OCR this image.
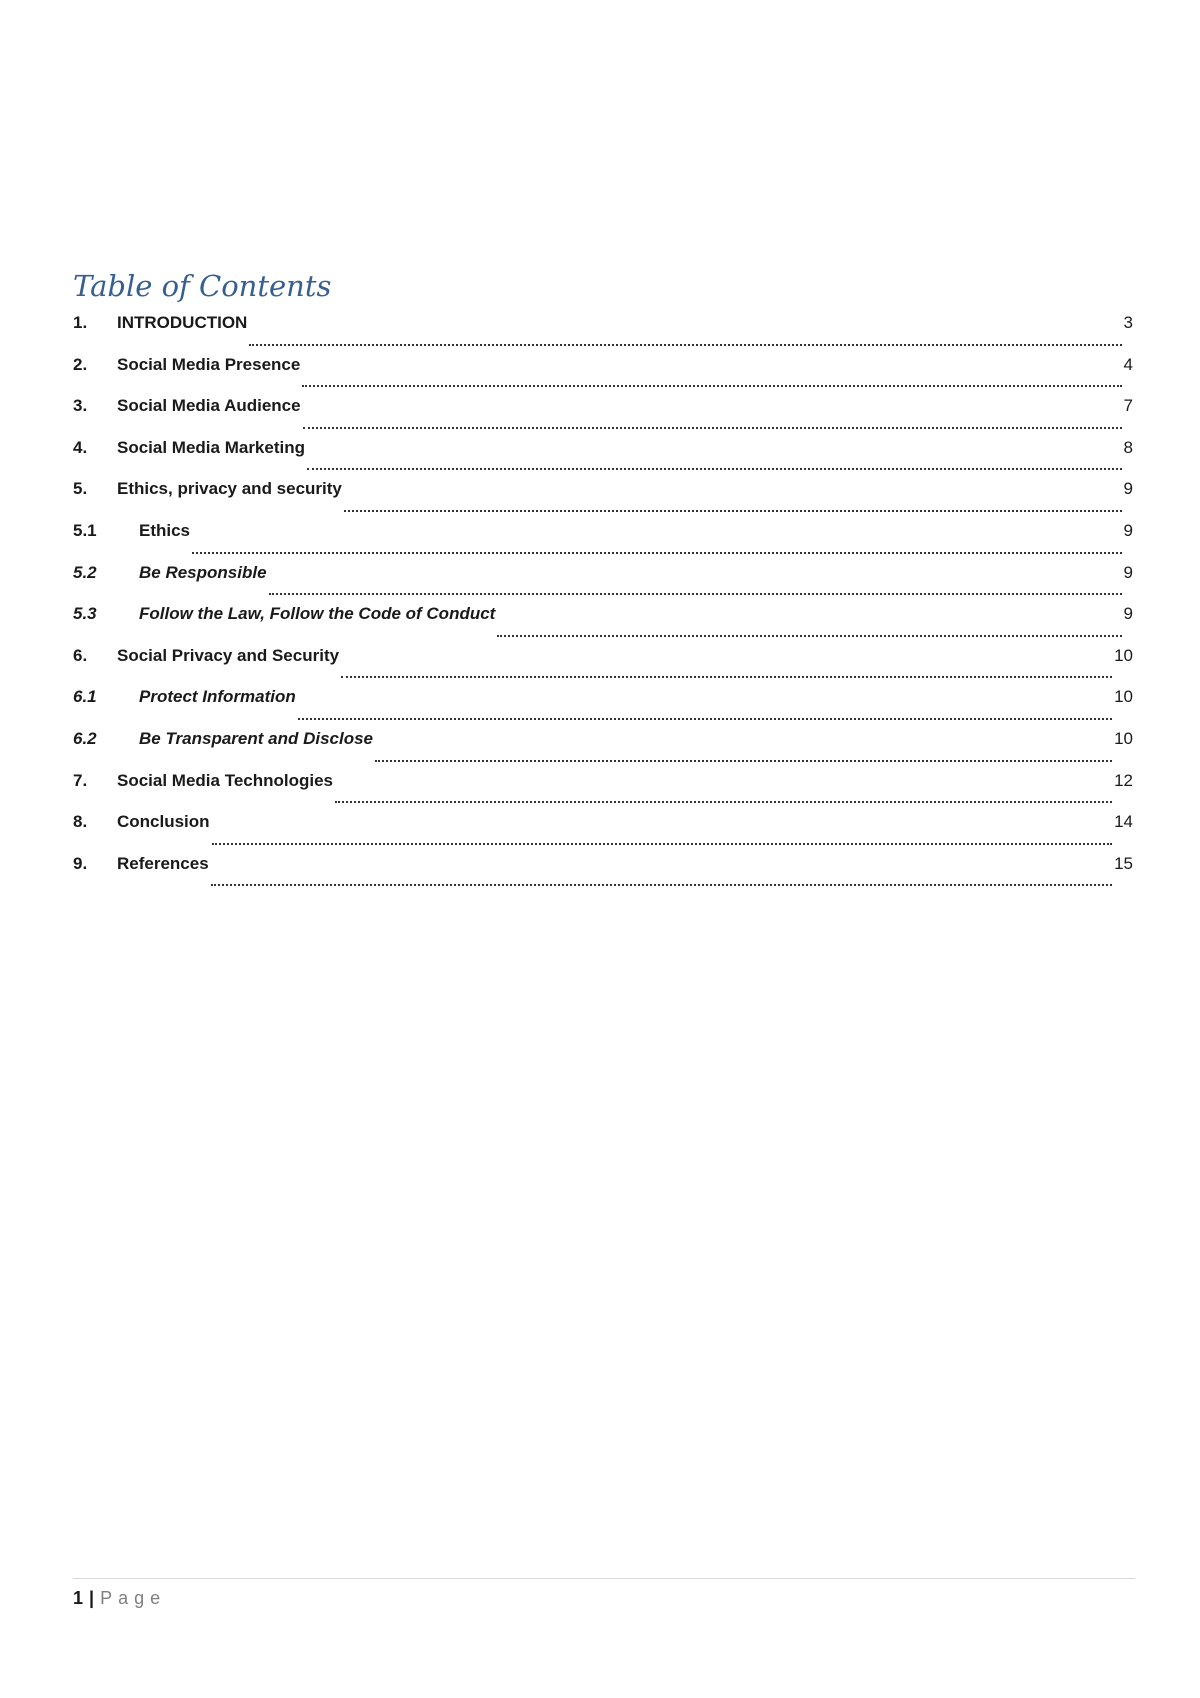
Table of Contents
1.	INTRODUCTION	3
2.	Social Media Presence	4
3.	Social Media Audience	7
4.	Social Media Marketing	8
5.	Ethics, privacy and security	9
5.1	Ethics	9
5.2	Be Responsible	9
5.3	Follow the Law, Follow the Code of Conduct	9
6.	Social Privacy and Security	10
6.1	Protect Information	10
6.2	Be Transparent and Disclose	10
7.	Social Media Technologies	12
8.	Conclusion	14
9.	References	15
1 | Page
